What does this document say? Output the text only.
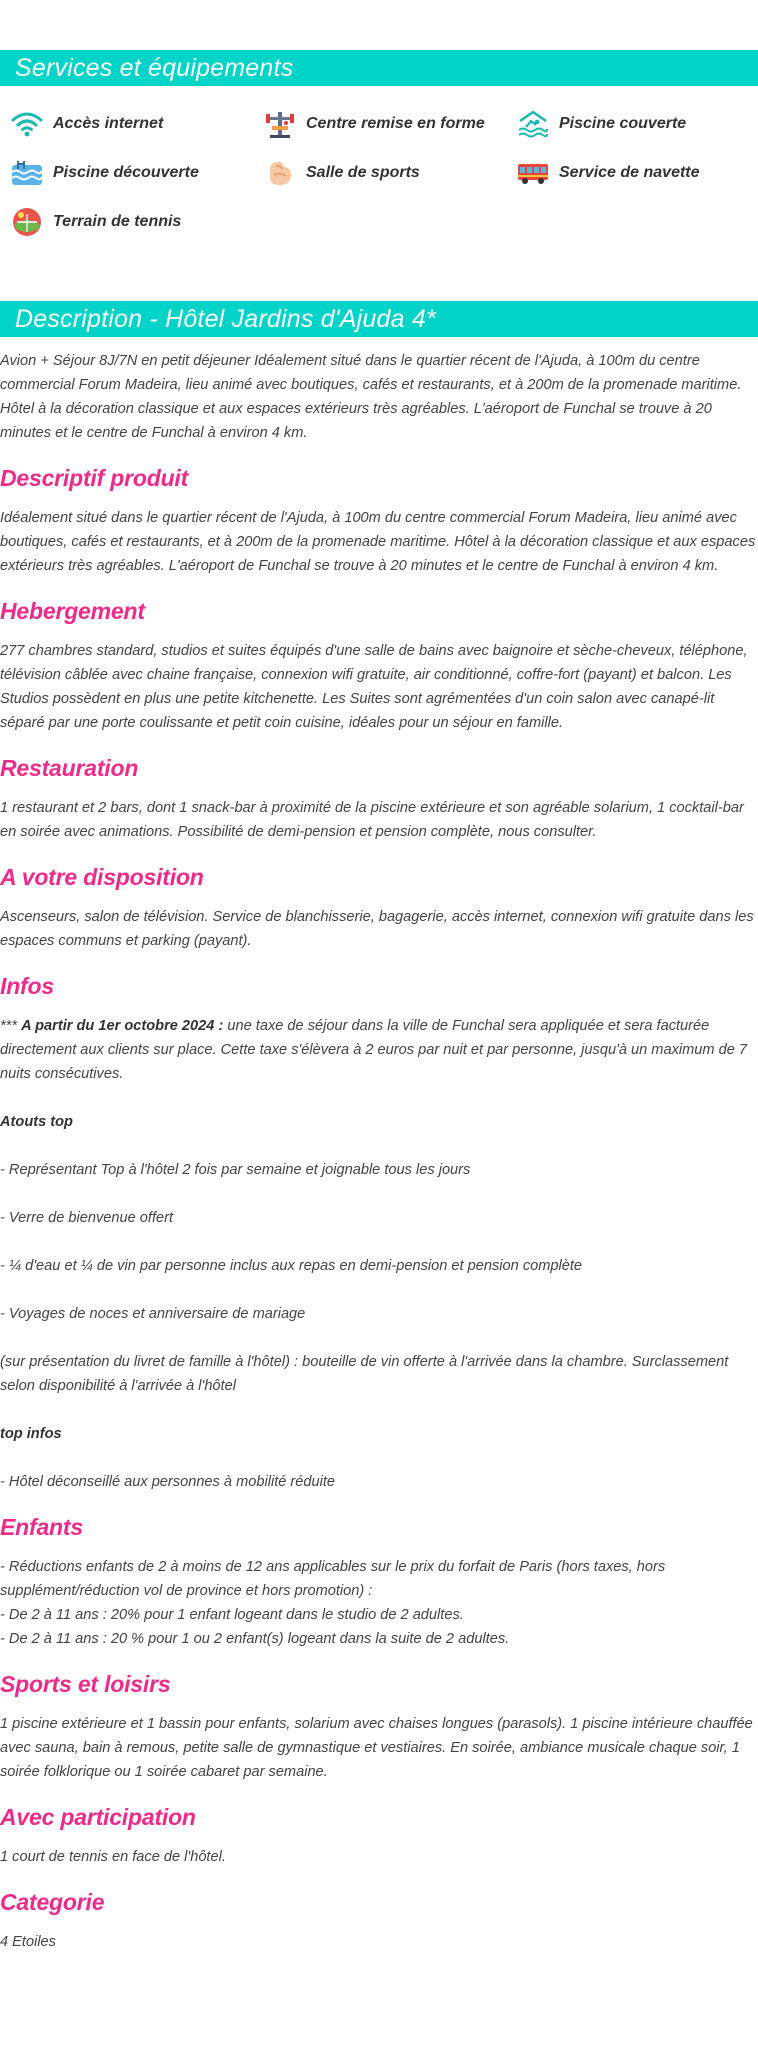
Services et équipements
Accès internet	Centre remise en forme	Piscine couverte
Piscine découverte	Salle de sports	Service de navette
Terrain de tennis
Description - Hôtel Jardins d'Ajuda 4*

Avion + Séjour 8J/7N en petit déjeuner Idéalement situé dans le quartier récent de l'Ajuda, à 100m du centre commercial Forum Madeira, lieu animé avec boutiques, cafés et restaurants, et à 200m de la promenade maritime. Hôtel à la décoration classique et aux espaces extérieurs très agréables. L'aéroport de Funchal se trouve à 20 minutes et le centre de Funchal à environ 4 km.

Descriptif produit

Idéalement situé dans le quartier récent de l'Ajuda, à 100m du centre commercial Forum Madeira, lieu animé avec boutiques, cafés et restaurants, et à 200m de la promenade maritime. Hôtel à la décoration classique et aux espaces extérieurs très agréables. L'aéroport de Funchal se trouve à 20 minutes et le centre de Funchal à environ 4 km.

Hebergement

277 chambres standard, studios et suites équipés d'une salle de bains avec baignoire et sèche-cheveux, téléphone, télévision câblée avec chaine française, connexion wifi gratuite, air conditionné, coffre-fort (payant) et balcon. Les Studios possèdent en plus une petite kitchenette. Les Suites sont agrémentées d'un coin salon avec canapé-lit séparé par une porte coulissante et petit coin cuisine, idéales pour un séjour en famille.

Restauration

1 restaurant et 2 bars, dont 1 snack-bar à proximité de la piscine extérieure et son agréable solarium, 1 cocktail-bar en soirée avec animations. Possibilité de demi-pension et pension complète, nous consulter.

A votre disposition

Ascenseurs, salon de télévision. Service de blanchisserie, bagagerie, accès internet, connexion wifi gratuite dans les espaces communs et parking (payant).

Infos

*** A partir du 1er octobre 2024 : une taxe de séjour dans la ville de Funchal sera appliquée et sera facturée directement aux clients sur place. Cette taxe s'élèvera à 2 euros par nuit et par personne, jusqu'à un maximum de 7 nuits consécutives.

Atouts top

- Représentant Top à l'hôtel 2 fois par semaine et joignable tous les jours

- Verre de bienvenue offert

- ¼ d'eau et ¼ de vin par personne inclus aux repas en demi-pension et pension complète

- Voyages de noces et anniversaire de mariage

(sur présentation du livret de famille à l'hôtel) : bouteille de vin offerte à l'arrivée dans la chambre. Surclassement selon disponibilité à l'arrivée à l'hôtel

top infos

- Hôtel déconseillé aux personnes à mobilité réduite

Enfants

- Réductions enfants de 2 à moins de 12 ans applicables sur le prix du forfait de Paris (hors taxes, hors supplément/réduction vol de province et hors promotion) :

- De 2 à 11 ans : 20% pour 1 enfant logeant dans le studio de 2 adultes.

- De 2 à 11 ans : 20 % pour 1 ou 2 enfant(s) logeant dans la suite de 2 adultes.

Sports et loisirs

1 piscine extérieure et 1 bassin pour enfants, solarium avec chaises longues (parasols). 1 piscine intérieure chauffée avec sauna, bain à remous, petite salle de gymnastique et vestiaires. En soirée, ambiance musicale chaque soir, 1 soirée folklorique ou 1 soirée cabaret par semaine.

Avec participation

1 court de tennis en face de l'hôtel.

Categorie

4 Etoiles
